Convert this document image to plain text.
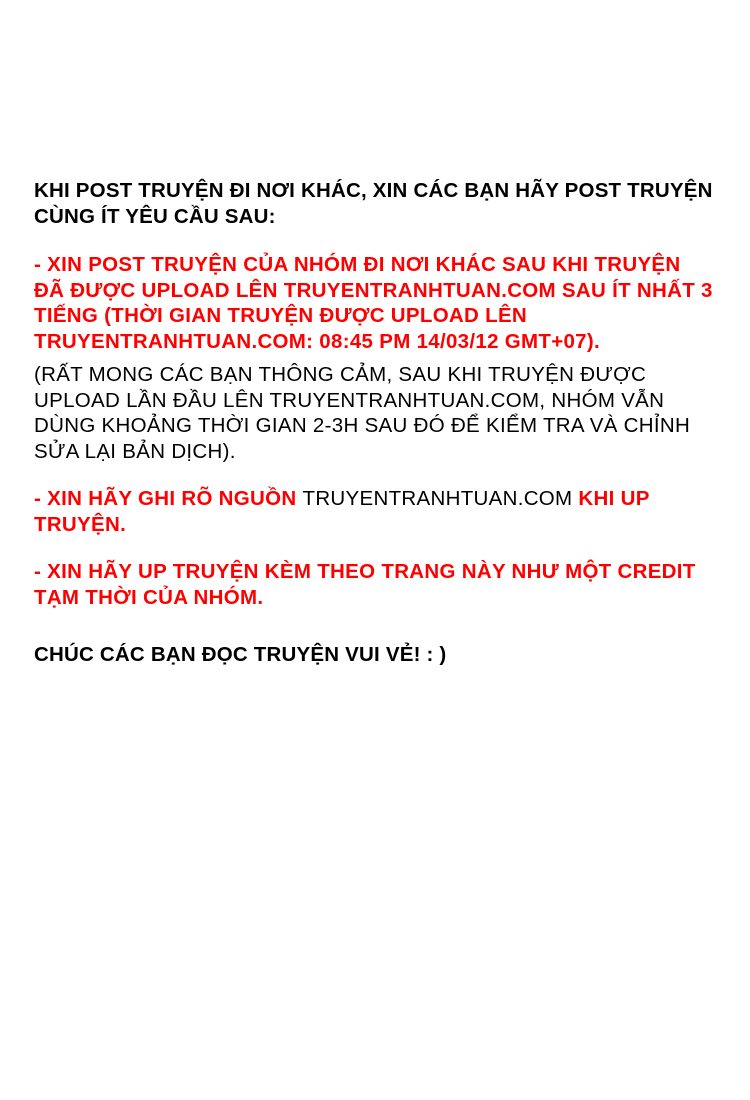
KHI POST TRUYỆN ĐI NƠI KHÁC, XIN CÁC BẠN HÃY POST TRUYỆN CÙNG ÍT YÊU CẦU SAU:

- XIN POST TRUYỆN CỦA NHÓM ĐI NƠI KHÁC SAU KHI TRUYỆN ĐÃ ĐƯỢC UPLOAD LÊN TRUYENTRANHTUAN.COM SAU ÍT NHẤT 3 TIẾNG (THỜI GIAN TRUYỆN ĐƯỢC UPLOAD LÊN TRUYENTRANHTUAN.COM: 08:45 PM 14/03/12 GMT+07).

(RẤT MONG CÁC BẠN THÔNG CẢM, SAU KHI TRUYỆN ĐƯỢC UPLOAD LẦN ĐẦU LÊN TRUYENTRANHTUAN.COM, NHÓM VẪN DÙNG KHOẢNG THỜI GIAN 2-3H SAU ĐÓ ĐỂ KIỂM TRA VÀ CHỈNH SỬA LẠI BẢN DỊCH).

- XIN HÃY GHI RÕ NGUỒN TRUYENTRANHTUAN.COM KHI UP TRUYỆN.

- XIN HÃY UP TRUYỆN KÈM THEO TRANG NÀY NHƯ MỘT CREDIT TẠM THỜI CỦA NHÓM.

CHÚC CÁC BẠN ĐỌC TRUYỆN VUI VẺ! : )
